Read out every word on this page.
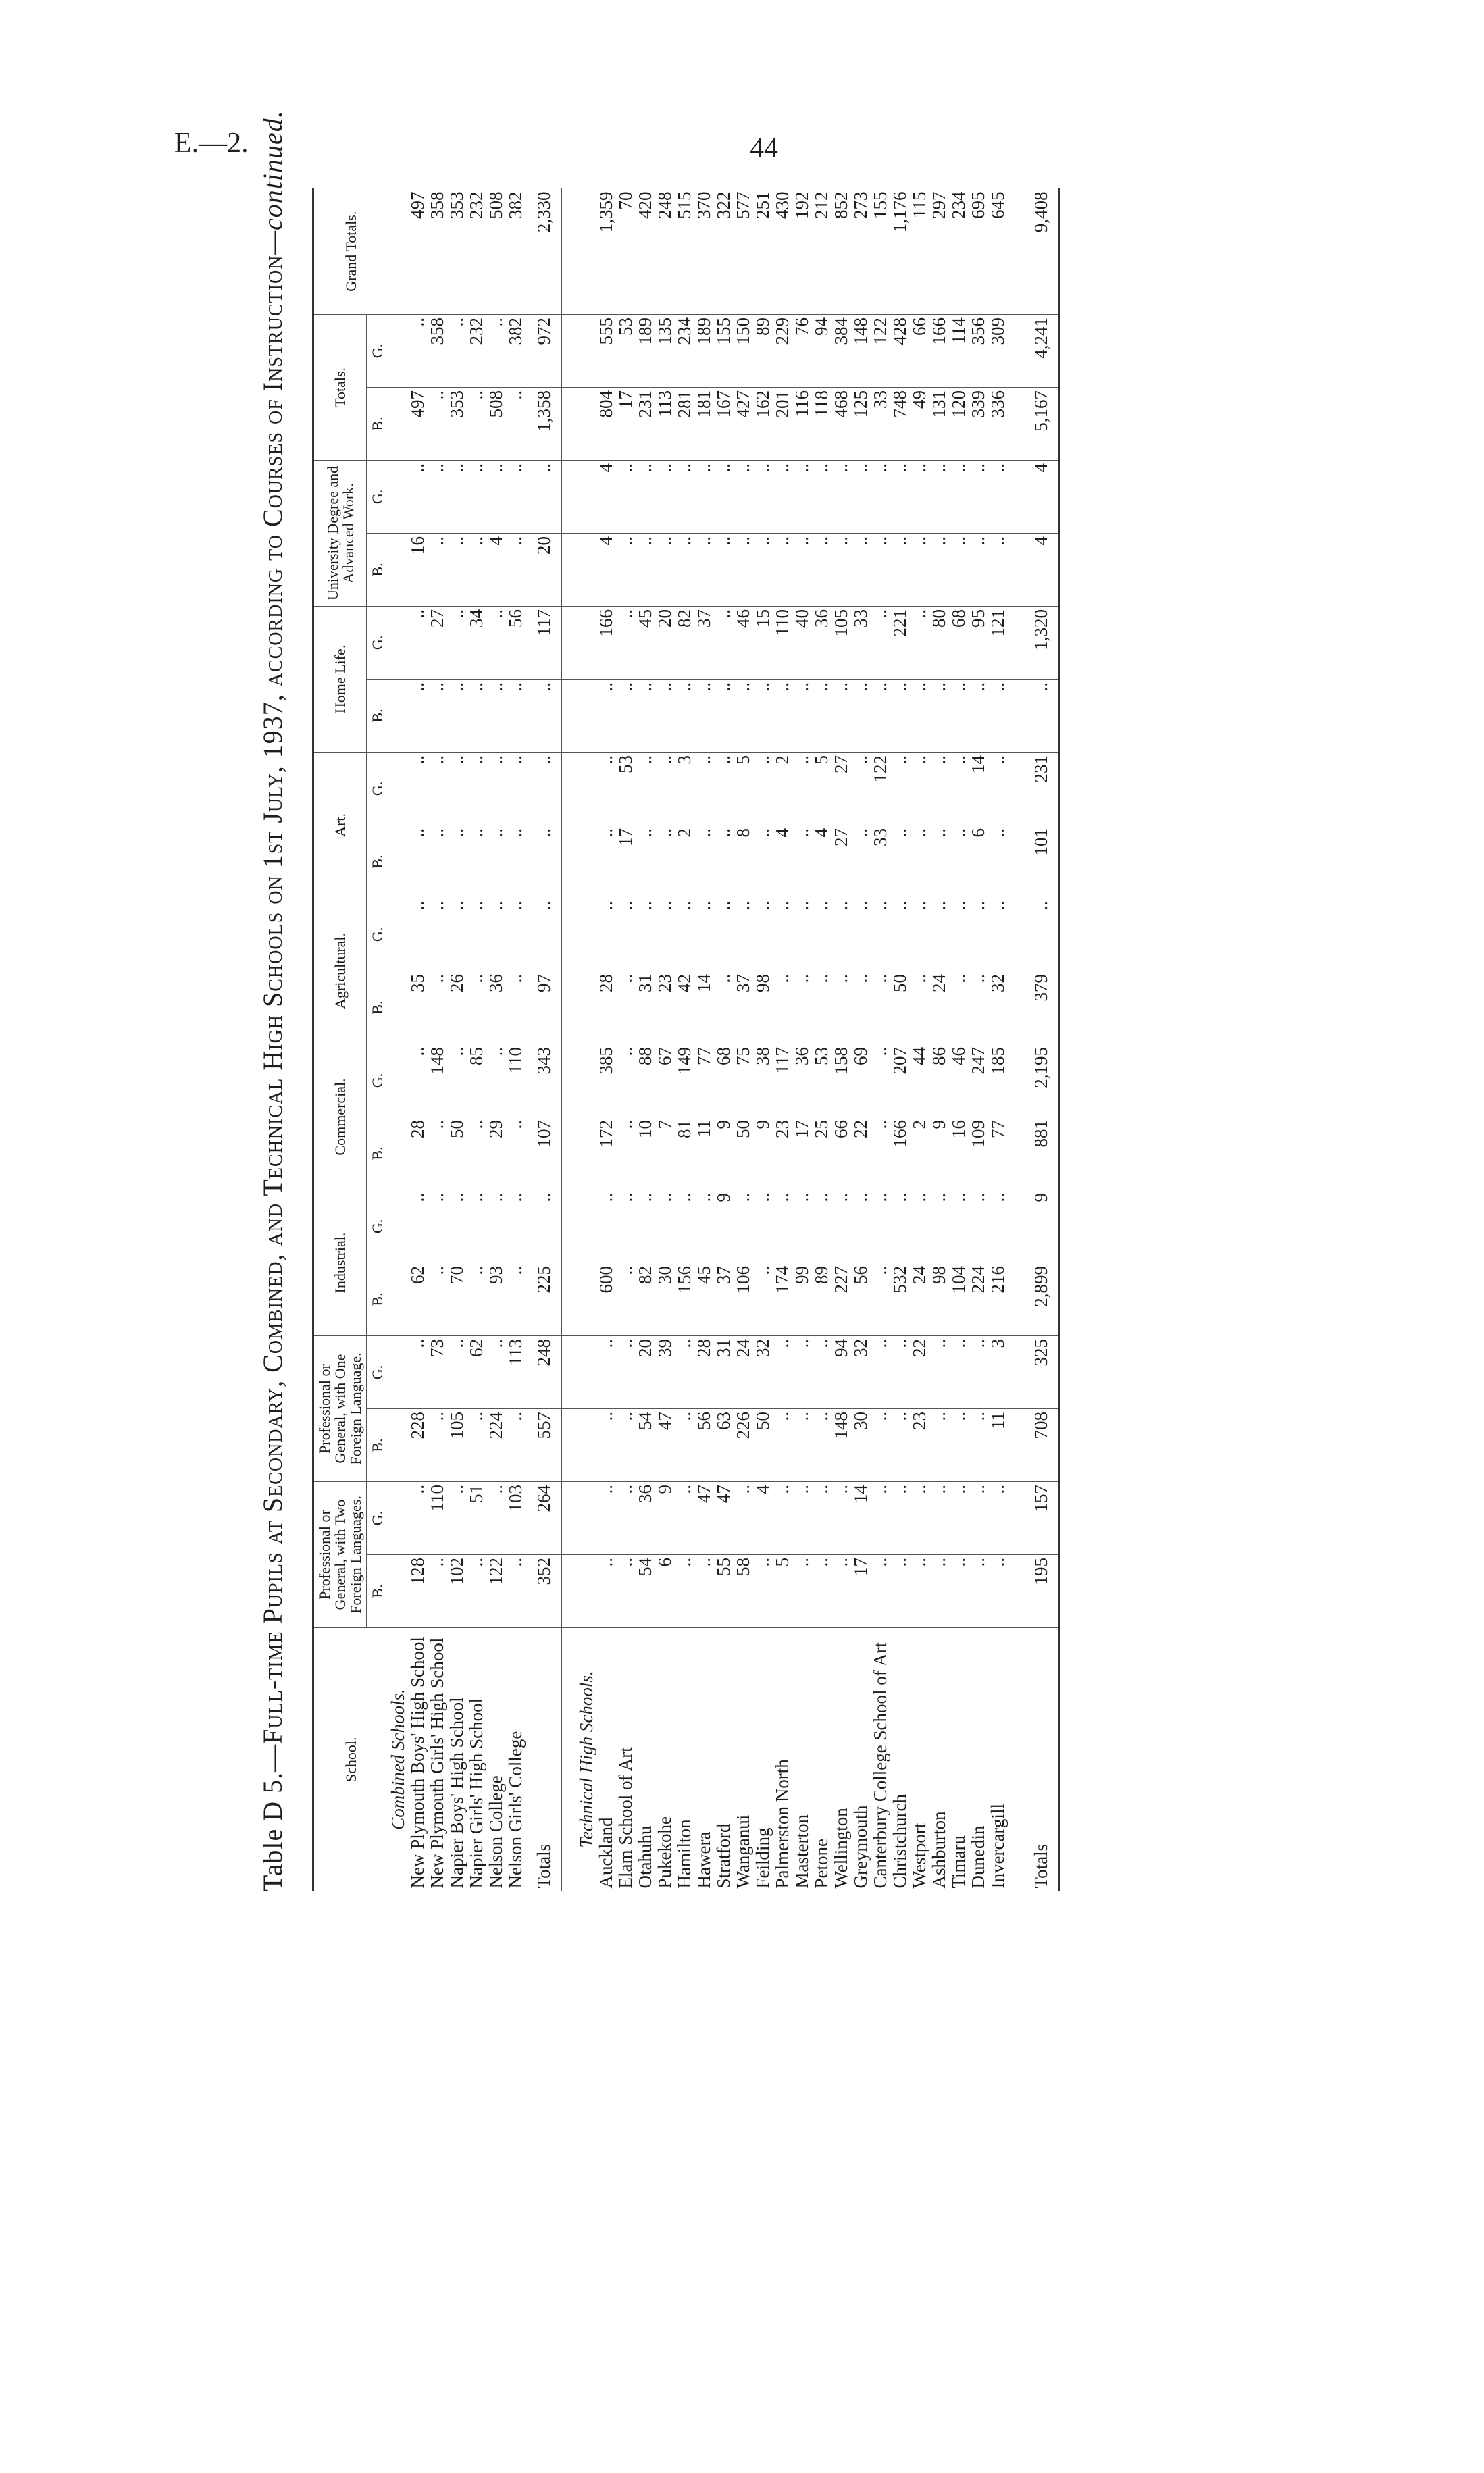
E.—2.	44
Table D 5.—Full-time Pupils at Secondary, Combined, and Technical High Schools on 1st July, 1937, according to Courses of Instruction—continued.
School.	Professional or General, with Two Foreign Languages.		Professional or General, with One Foreign Language.		Industrial.		Commercial.		Agricultural.		Art.		Home Life.		University Degree and Advanced Work.		Totals.		Grand Totals.
	B.	G.	B.	G.	B.	G.	B.	G.	B.	G.	B.	G.	B.	G.	B.	G.	B.	G.	
Combined Schools.																			
New Plymouth Boys' High School	128	..	228	..	62	..	28	..	35	..	..	..	..	..	16	..	497	..	497
New Plymouth Girls' High School	..	110	..	73	..	..	..	148	..	..	..	..	..	27	..	..	..	358	358
Napier Boys' High School	102	..	105	..	70	..	50	..	26	..	..	..	..	..	..	..	353	..	353
Napier Girls' High School	..	51	..	62	..	..	..	85	..	..	..	..	..	34	..	..	..	232	232
Nelson College	122	..	224	..	93	..	29	..	36	..	..	..	..	..	4	..	508	..	508
Nelson Girls' College	..	103	..	113	..	..	..	110	..	..	..	..	..	56	..	..	..	382	382
Totals	352	264	557	248	225	..	107	343	97	..	..	..	..	117	20	..	1,358	972	2,330

Technical High Schools.																			
Auckland	..	..	..	..	600	..	172	385	28	..	..	..	..	166	4	4	804	555	1,359
Elam School of Art	..	..	..	..	..	..	..	..	..	..	17	53	..	..	..	..	17	53	70
Otahuhu	54	36	54	20	82	..	10	88	31	..	..	..	..	45	..	..	231	189	420
Pukekohe	6	9	47	39	30	..	7	67	23	..	..	..	..	20	..	..	113	135	248
Hamilton	..	..	..	..	156	..	81	149	42	..	2	3	..	82	..	..	281	234	515
Hawera	..	47	56	28	45	..	11	77	14	..	..	..	..	37	..	..	181	189	370
Stratford	55	47	63	31	37	9	9	68	..	..	..	..	..	..	..	..	167	155	322
Wanganui	58	..	226	24	106	..	50	75	37	..	8	5	..	46	..	..	427	150	577
Feilding	..	4	50	32	..	..	9	38	98	..	..	..	..	15	..	..	162	89	251
Palmerston North	5	..	..	..	174	..	23	117	..	..	4	2	..	110	..	..	201	229	430
Masterton	..	..	..	..	99	..	17	36	..	..	..	..	..	40	..	..	116	76	192
Petone	..	..	..	..	89	..	25	53	..	..	4	5	..	36	..	..	118	94	212
Wellington	..	..	148	94	227	..	66	158	..	..	27	27	..	105	..	..	468	384	852
Greymouth	17	14	30	32	56	..	22	69	..	..	..	..	..	33	..	..	125	148	273
Canterbury College School of Art	..	..	..	..	..	..	..	..	..	..	33	122	..	..	..	..	33	122	155
Christchurch	..	..	..	..	532	..	166	207	50	..	..	..	..	221	..	..	748	428	1,176
Westport	..	..	23	22	24	..	2	44	..	..	..	..	..	..	..	..	49	66	115
Ashburton	..	..	..	..	98	..	9	86	24	..	..	..	..	80	..	..	131	166	297
Timaru	..	..	..	..	104	..	16	46	..	..	..	..	..	68	..	..	120	114	234
Dunedin	..	..	..	..	224	..	109	247	..	..	6	14	..	95	..	..	339	356	695
Invercargill	..	..	11	3	216	..	77	185	32	..	..	..	..	121	..	..	336	309	645

Totals	195	157	708	325	2,899	9	881	2,195	379	..	101	231	..	1,320	4	4	5,167	4,241	9,408
